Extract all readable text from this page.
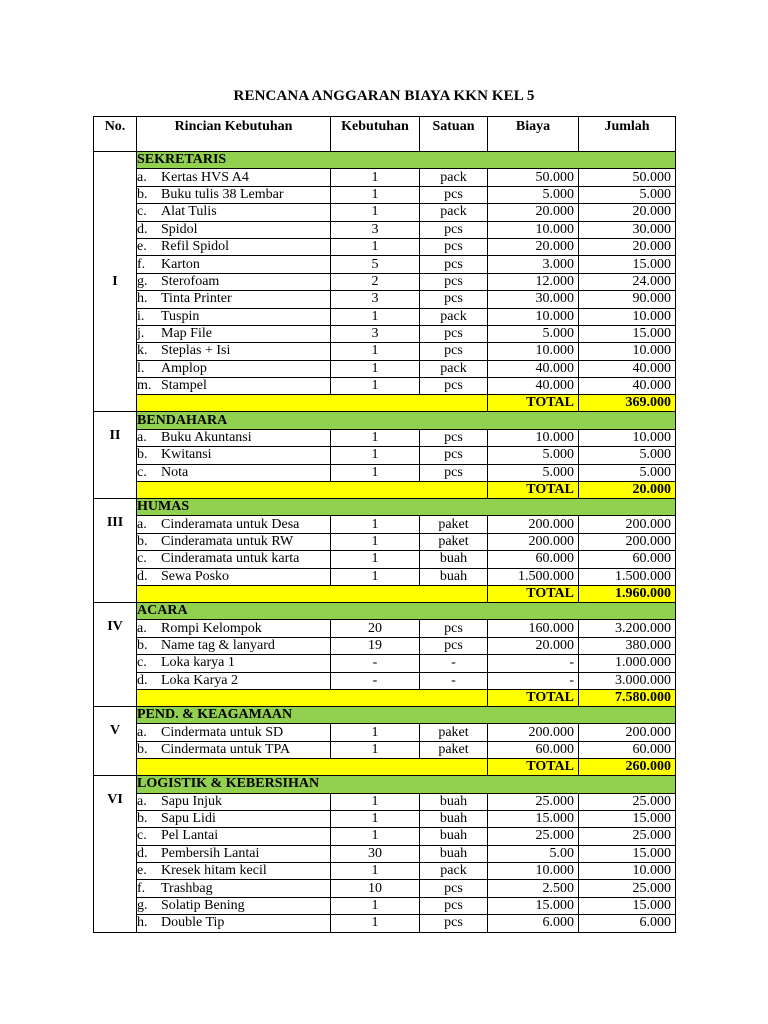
RENCANA ANGGARAN BIAYA KKN KEL 5
No.	Rincian Kebutuhan	Kebutuhan	Satuan	Biaya	Jumlah
I	SEKRETARIS				
	a. Kertas HVS A4	1	pack	50.000	50.000
	b. Buku tulis 38 Lembar	1	pcs	5.000	5.000
	c. Alat Tulis	1	pack	20.000	20.000
	d. Spidol	3	pcs	10.000	30.000
	e. Refil Spidol	1	pcs	20.000	20.000
	f. Karton	5	pcs	3.000	15.000
	g. Sterofoam	2	pcs	12.000	24.000
	h. Tinta Printer	3	pcs	30.000	90.000
	i. Tuspin	1	pack	10.000	10.000
	j. Map File	3	pcs	5.000	15.000
	k. Steplas + Isi	1	pcs	10.000	10.000
	l. Amplop	1	pack	40.000	40.000
	m. Stampel	1	pcs	40.000	40.000
				TOTAL	369.000
II	BENDAHARA				
	a. Buku Akuntansi	1	pcs	10.000	10.000
	b. Kwitansi	1	pcs	5.000	5.000
	c. Nota	1	pcs	5.000	5.000
				TOTAL	20.000
III	HUMAS				
	a. Cinderamata untuk Desa	1	paket	200.000	200.000
	b. Cinderamata untuk RW	1	paket	200.000	200.000
	c. Cinderamata untuk karta	1	buah	60.000	60.000
	d. Sewa Posko	1	buah	1.500.000	1.500.000
				TOTAL	1.960.000
IV	ACARA				
	a. Rompi Kelompok	20	pcs	160.000	3.200.000
	b. Name tag & lanyard	19	pcs	20.000	380.000
	c. Loka karya 1	-	-	-	1.000.000
	d. Loka Karya 2	-	-	-	3.000.000
				TOTAL	7.580.000
V	PEND. & KEAGAMAAN				
	a. Cindermata untuk SD	1	paket	200.000	200.000
	b. Cindermata untuk TPA	1	paket	60.000	60.000
				TOTAL	260.000
VI	LOGISTIK & KEBERSIHAN				
	a. Sapu Injuk	1	buah	25.000	25.000
	b. Sapu Lidi	1	buah	15.000	15.000
	c. Pel Lantai	1	buah	25.000	25.000
	d. Pembersih Lantai	30	buah	5.00	15.000
	e. Kresek hitam kecil	1	pack	10.000	10.000
	f. Trashbag	10	pcs	2.500	25.000
	g. Solatip Bening	1	pcs	15.000	15.000
	h. Double Tip	1	pcs	6.000	6.000
